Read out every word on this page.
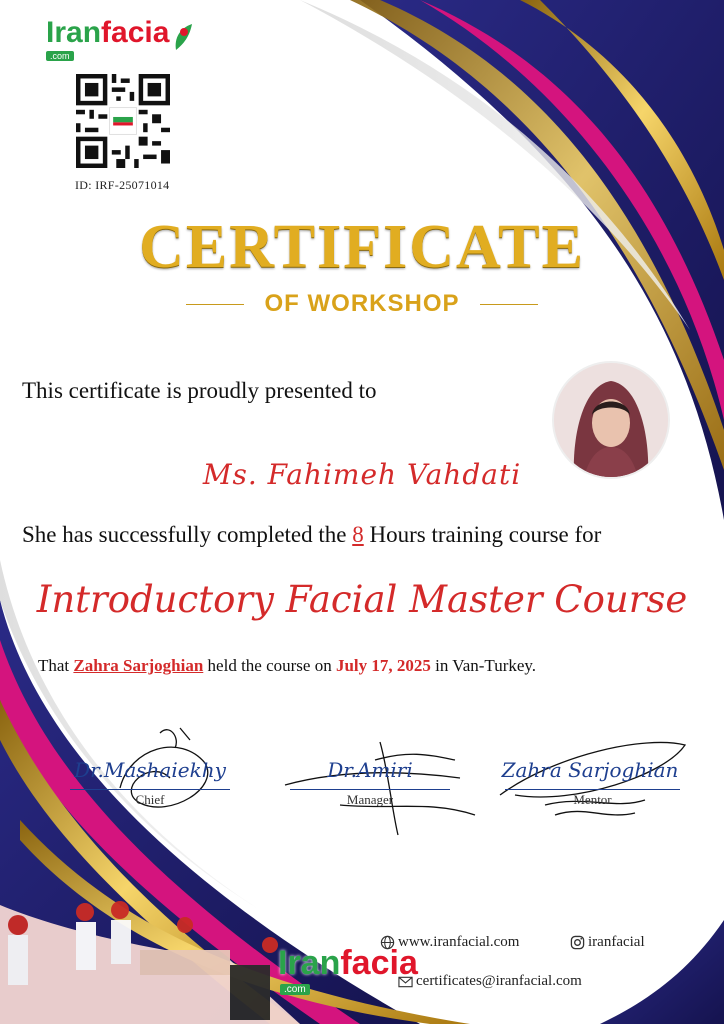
Iranfacia
.com
ID: IRF-25071014
CERTIFICATE
OF WORKSHOP
This certificate is proudly presented to
Ms. Fahimeh Vahdati
She has successfully completed the 8 Hours training course for
Introductory Facial Master Course
That Zahra Sarjoghian held the course on July 17, 2025 in Van-Turkey.
Dr.Mashaiekhy
Chief
Dr.Amiri
Manager
Zahra Sarjoghian
Mentor
Iranfacia
.com
www.iranfacial.com	iranfacial
certificates@iranfacial.com
